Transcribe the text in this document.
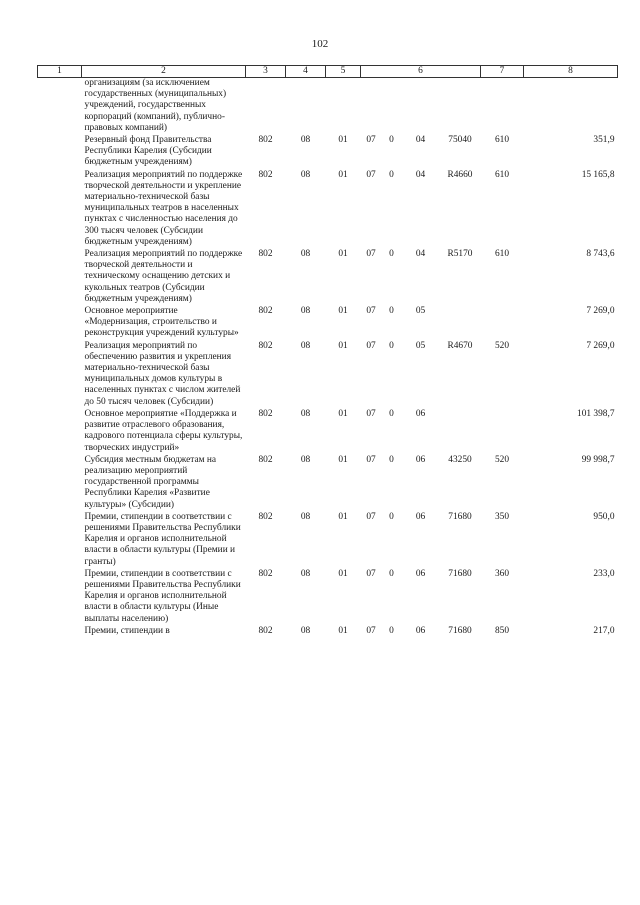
102
1	2	3	4	5	6				7	8
	организациям (за исключением государственных (муниципальных) учреждений, государственных корпораций (компаний), публично-правовых компаний)									
	Резервный фонд Правительства Республики Карелия (Субсидии бюджетным учреждениям)	802	08	01	07	0	04	75040	610	351,9
	Реализация мероприятий по поддержке творческой деятельности и укрепление материально-технической базы муниципальных театров в населенных пунктах с численностью населения до 300 тысяч человек (Субсидии бюджетным учреждениям)	802	08	01	07	0	04	R4660	610	15 165,8
	Реализация мероприятий по поддержке творческой деятельности и техническому оснащению детских и кукольных театров (Субсидии бюджетным учреждениям)	802	08	01	07	0	04	R5170	610	8 743,6
	Основное мероприятие «Модернизация, строительство и реконструкция учреждений культуры»	802	08	01	07	0	05			7 269,0
	Реализация мероприятий по обеспечению развития и укрепления материально-технической базы муниципальных домов культуры в населенных пунктах с числом жителей до 50 тысяч человек (Субсидии)	802	08	01	07	0	05	R4670	520	7 269,0
	Основное мероприятие «Поддержка и развитие отраслевого образования, кадрового потенциала сферы культуры, творческих индустрий»	802	08	01	07	0	06			101 398,7
	Субсидия местным бюджетам на реализацию мероприятий государственной программы Республики Карелия «Развитие культуры» (Субсидии)	802	08	01	07	0	06	43250	520	99 998,7
	Премии, стипендии в соответствии с решениями Правительства Республики Карелия и органов исполнительной власти в области культуры (Премии и гранты)	802	08	01	07	0	06	71680	350	950,0
	Премии, стипендии в соответствии с решениями Правительства Республики Карелия и органов исполнительной власти в области культуры (Иные выплаты населению)	802	08	01	07	0	06	71680	360	233,0
	Премии, стипендии в	802	08	01	07	0	06	71680	850	217,0
